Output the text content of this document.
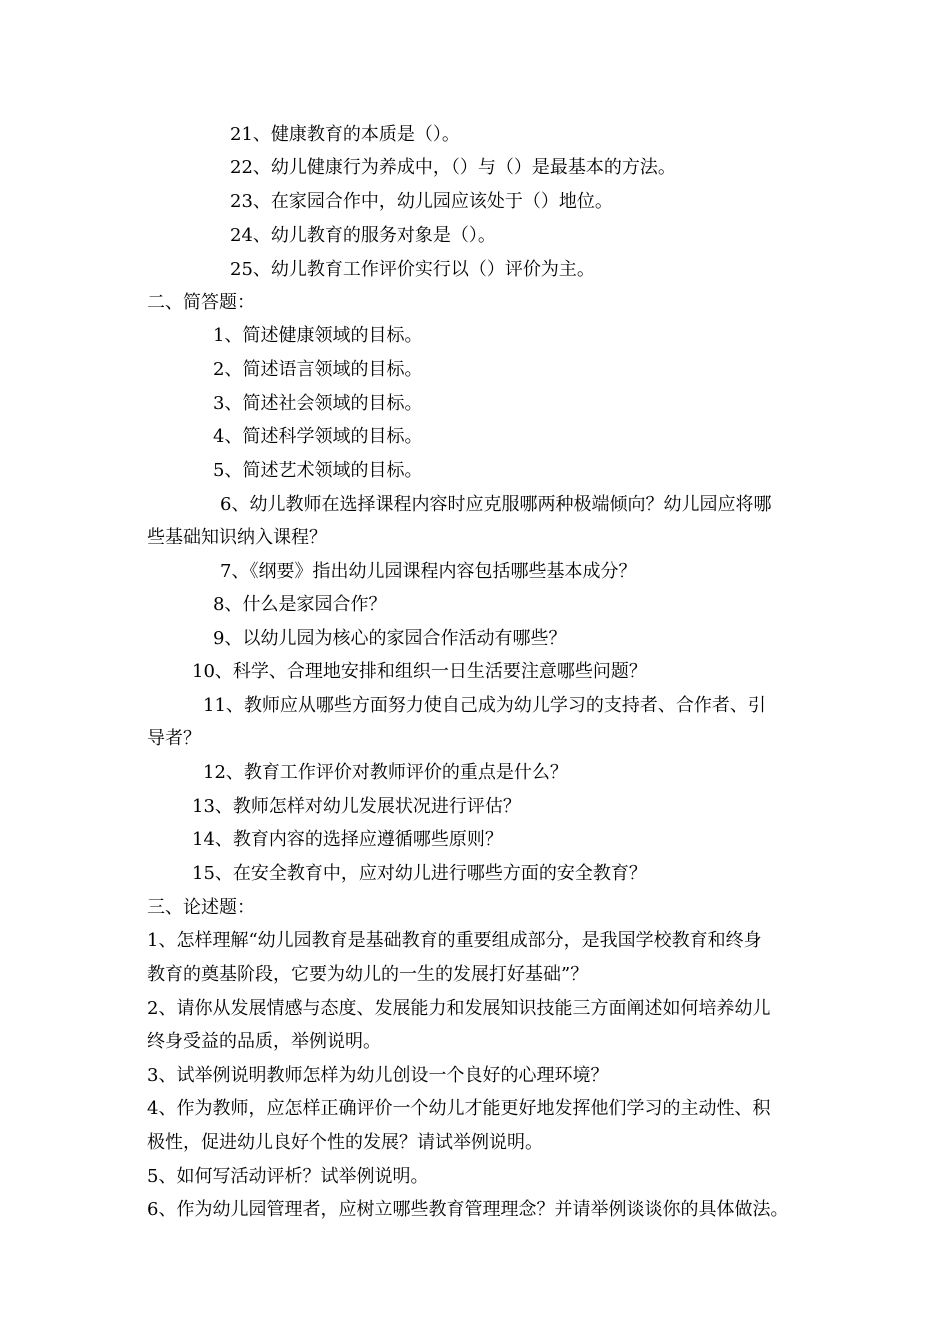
21、健康教育的本质是（）。

22、幼儿健康行为养成中，（）与（）是最基本的方法。

23、在家园合作中，幼儿园应该处于（）地位。

24、幼儿教育的服务对象是（）。

25、幼儿教育工作评价实行以（）评价为主。

二、简答题：

1、简述健康领域的目标。

2、简述语言领域的目标。

3、简述社会领域的目标。

4、简述科学领域的目标。

5、简述艺术领域的目标。

6、幼儿教师在选择课程内容时应克服哪两种极端倾向？幼儿园应将哪

些基础知识纳入课程？

7、《纲要》指出幼儿园课程内容包括哪些基本成分？

8、什么是家园合作？

9、以幼儿园为核心的家园合作活动有哪些？

10、科学、合理地安排和组织一日生活要注意哪些问题？

11、教师应从哪些方面努力使自己成为幼儿学习的支持者、合作者、引

导者？

12、教育工作评价对教师评价的重点是什么？

13、教师怎样对幼儿发展状况进行评估？

14、教育内容的选择应遵循哪些原则？

15、在安全教育中，应对幼儿进行哪些方面的安全教育？

三、论述题：

1、怎样理解“幼儿园教育是基础教育的重要组成部分，是我国学校教育和终身

教育的奠基阶段，它要为幼儿的一生的发展打好基础”？

2、请你从发展情感与态度、发展能力和发展知识技能三方面阐述如何培养幼儿

终身受益的品质，举例说明。

3、试举例说明教师怎样为幼儿创设一个良好的心理环境？

4、作为教师，应怎样正确评价一个幼儿才能更好地发挥他们学习的主动性、积

极性，促进幼儿良好个性的发展？请试举例说明。

5、如何写活动评析？试举例说明。

6、作为幼儿园管理者，应树立哪些教育管理理念？并请举例谈谈你的具体做法。
